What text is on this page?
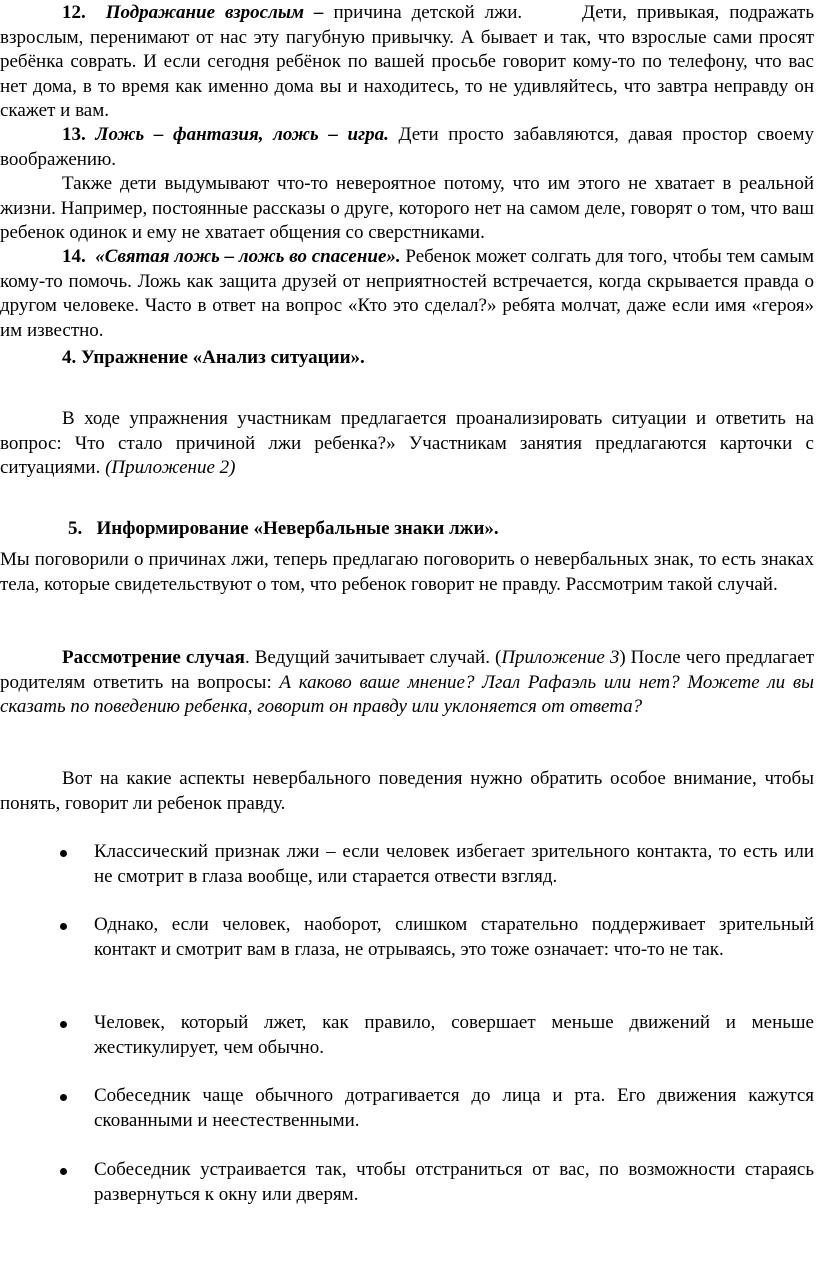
12. Подражание взрослым – причина детской лжи.      Дети, привыкая, подражать взрослым, перенимают от нас эту пагубную привычку. А бывает и так, что взрослые сами просят ребёнка соврать. И если сегодня ребёнок по вашей просьбе говорит кому-то по телефону, что вас нет дома, в то время как именно дома вы и находитесь, то не удивляйтесь, что завтра неправду он скажет и вам.
13. Ложь – фантазия, ложь – игра. Дети просто забавляются, давая простор своему воображению.
Также дети выдумывают что-то невероятное потому, что им этого не хватает в реальной жизни. Например, постоянные рассказы о друге, которого нет на самом деле, говорят о том, что ваш ребенок одинок и ему не хватает общения со сверстниками.
14. «Святая ложь – ложь во спасение». Ребенок может солгать для того, чтобы тем самым кому-то помочь. Ложь как защита друзей от неприятностей встречается, когда скрывается правда о другом человеке. Часто в ответ на вопрос «Кто это сделал?» ребята молчат, даже если имя «героя» им известно.
4. Упражнение «Анализ ситуации».
В ходе упражнения участникам предлагается проанализировать ситуации и ответить на вопрос: Что стало причиной лжи ребенка?» Участникам занятия предлагаются карточки с ситуациями. (Приложение 2)
5. Информирование «Невербальные знаки лжи».
Мы поговорили о причинах лжи, теперь предлагаю поговорить о невербальных знак, то есть знаках тела, которые свидетельствуют о том, что ребенок говорит не правду. Рассмотрим такой случай.
Рассмотрение случая. Ведущий зачитывает случай. (Приложение 3) После чего предлагает родителям ответить на вопросы: А каково ваше мнение? Лгал Рафаэль или нет? Можете ли вы сказать по поведению ребенка, говорит он правду или уклоняется от ответа?
Вот на какие аспекты невербального поведения нужно обратить особое внимание, чтобы понять, говорит ли ребенок правду.
Классический признак лжи – если человек избегает зрительного контакта, то есть или не смотрит в глаза вообще, или старается отвести взгляд.
Однако, если человек, наоборот, слишком старательно поддерживает зрительный контакт и смотрит вам в глаза, не отрываясь, это тоже означает: что-то не так.
Человек, который лжет, как правило, совершает меньше движений и меньше жестикулирует, чем обычно.
Собеседник чаще обычного дотрагивается до лица и рта. Его движения кажутся скованными и неестественными.
Собеседник устраивается так, чтобы отстраниться от вас, по возможности стараясь развернуться к окну или дверям.
